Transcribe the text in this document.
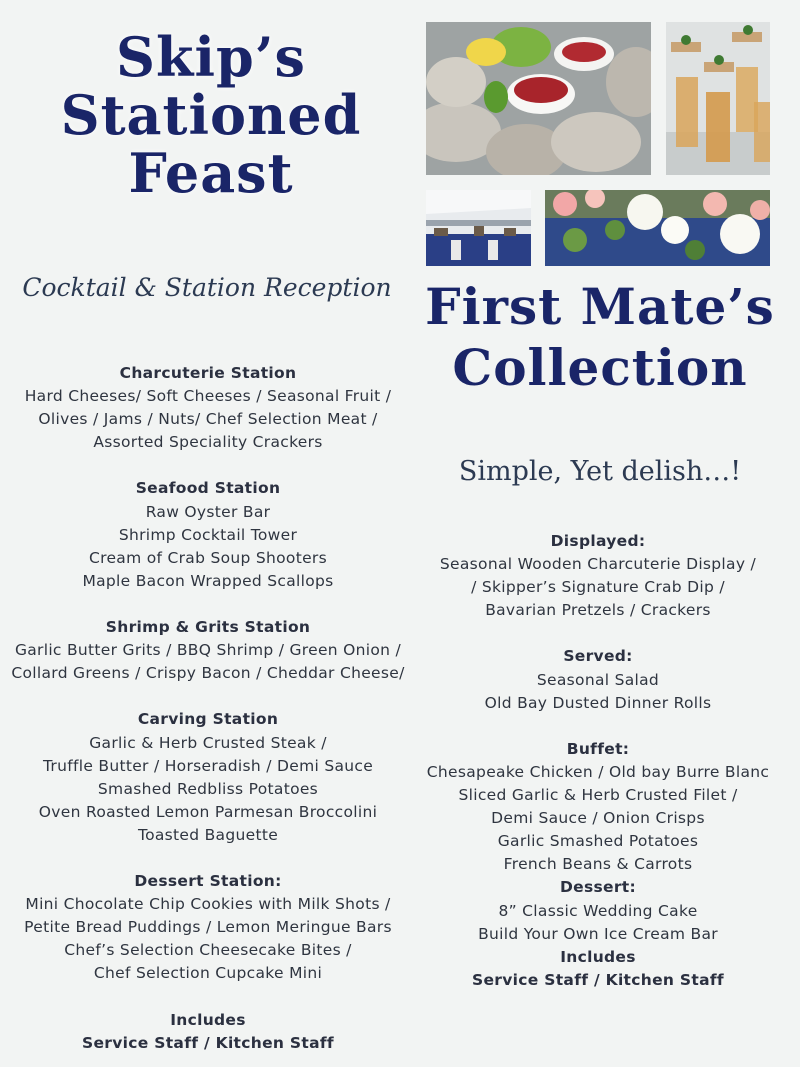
Skip’s
Stationed
Feast
Cocktail & Station Reception First Mate’s
Collection
Simple, Yet delish…!
Charcuterie Station
Hard Cheeses/ Soft Cheeses / Seasonal Fruit /
Olives / Jams / Nuts/ Chef Selection Meat /
Assorted Speciality Crackers
Seafood Station
Raw Oyster Bar
Shrimp Cocktail Tower
Cream of Crab Soup Shooters
Maple Bacon Wrapped Scallops
Shrimp & Grits Station
Garlic Butter Grits / BBQ Shrimp / Green Onion /
Collard Greens / Crispy Bacon / Cheddar Cheese/
Carving Station
Garlic & Herb Crusted Steak /
Truffle Butter / Horseradish / Demi Sauce
Smashed Redbliss Potatoes
Oven Roasted Lemon Parmesan Broccolini
Toasted Baguette
Dessert Station:
Mini Chocolate Chip Cookies with Milk Shots /
Petite Bread Puddings / Lemon Meringue Bars
Chef’s Selection Cheesecake Bites /
Chef Selection Cupcake Mini
Includes
Service Staff / Kitchen Staff
Displayed:
Seasonal Wooden Charcuterie Display /
/ Skipper’s Signature Crab Dip /
Bavarian Pretzels / Crackers
Served:
Seasonal Salad
Old Bay Dusted Dinner Rolls
Buffet:
Chesapeake Chicken / Old bay Burre Blanc
Sliced Garlic & Herb Crusted Filet /
Demi Sauce / Onion Crisps
Garlic Smashed Potatoes
French Beans & Carrots
Dessert:
8” Classic Wedding Cake
Build Your Own Ice Cream Bar
Includes
Service Staff / Kitchen Staff
